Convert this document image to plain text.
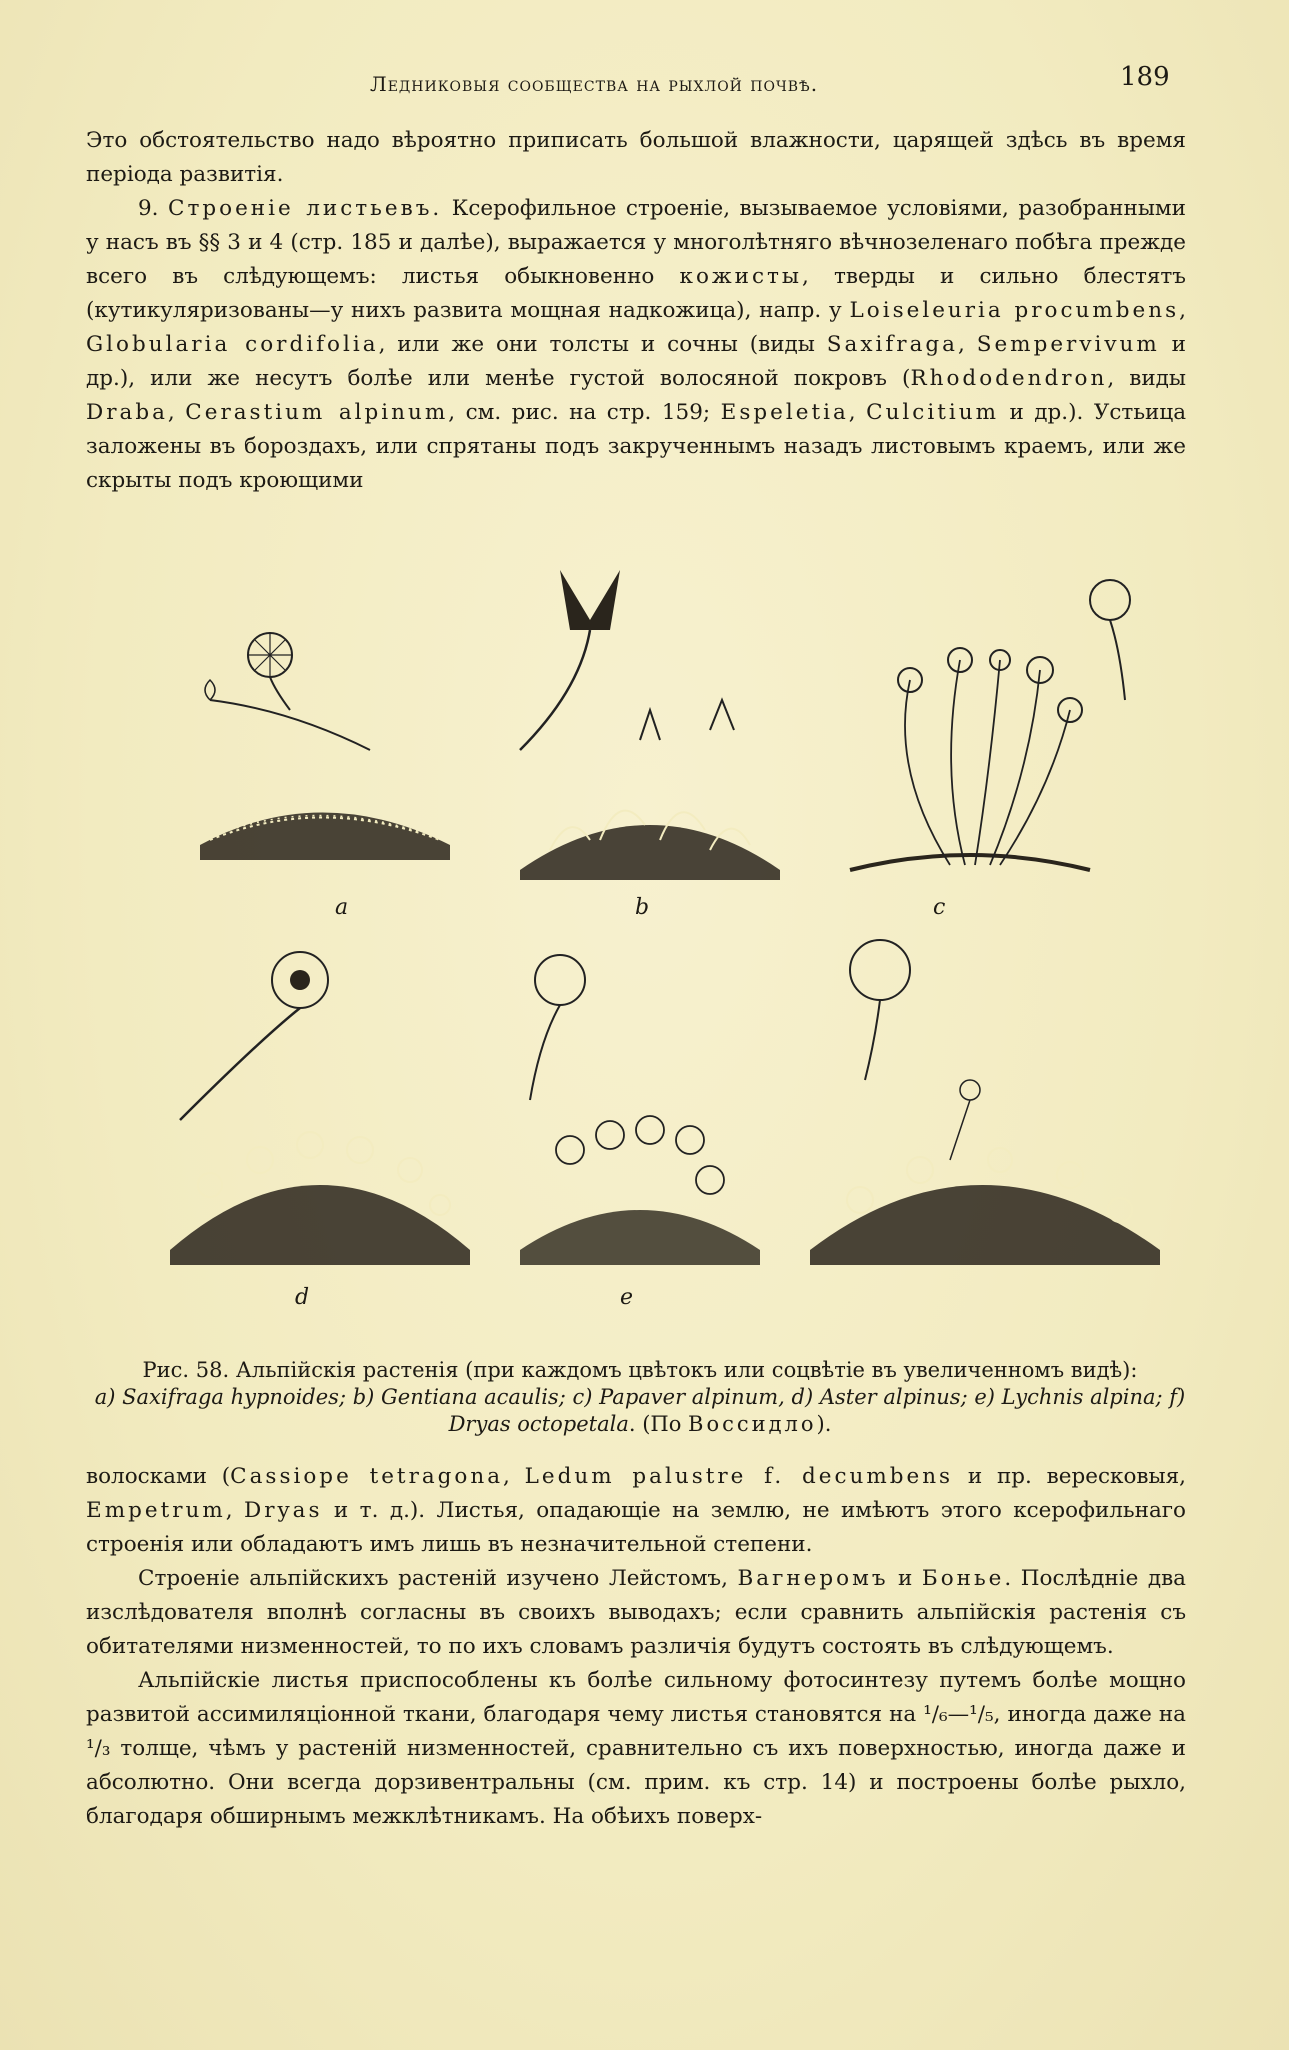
Ледниковыя сообщества на рыхлой почвѣ.	189

Это обстоятельство надо вѣроятно приписать большой влажности, царящей здѣсь въ время періода развитія.

9. Строеніе листьевъ. Ксерофильное строеніе, вызываемое условіями, разобранными у насъ въ §§ 3 и 4 (стр. 185 и далѣе), выражается у многолѣтняго вѣчнозеленаго побѣга прежде всего въ слѣдующемъ: листья обыкновенно кожисты, тверды и сильно блестятъ (кутикуляризованы—у нихъ развита мощная надкожица), напр. у Loiseleuria procumbens, Globularia cordifolia, или же они толсты и сочны (виды Saxifraga, Sempervivum и др.), или же несутъ болѣе или менѣе густой волосяной покровъ (Rhododendron, виды Draba, Cerastium alpinum, см. рис. на стр. 159; Espeletia, Culcitium и др.). Устьица заложены въ бороздахъ, или спрятаны подъ закрученнымъ назадъ листовымъ краемъ, или же скрыты подъ кроющими

a	b	c
d	e
Рис. 58. Альпійскія растенія (при каждомъ цвѣтокъ или соцвѣтіе въ увеличенномъ видѣ):
a) Saxifraga hypnoides; b) Gentiana acaulis; c) Papaver alpinum, d) Aster alpinus; e) Lychnis alpina; f) Dryas octopetala. (По Воссидло).

волосками (Cassiope tetragona, Ledum palustre f. decumbens и пр. вересковыя, Empetrum, Dryas и т. д.). Листья, опадающіе на землю, не имѣютъ этого ксерофильнаго строенія или обладаютъ имъ лишь въ незначительной степени.

Строеніе альпійскихъ растеній изучено Лейстомъ, Вагнеромъ и Бонье. Послѣдніе два изслѣдователя вполнѣ согласны въ своихъ выводахъ; если сравнить альпійскія растенія съ обитателями низменностей, то по ихъ словамъ различія будутъ состоять въ слѣдующемъ.

Альпійскіе листья приспособлены къ болѣе сильному фотосинтезу путемъ болѣе мощно развитой ассимиляціонной ткани, благодаря чему листья становятся на ¹/₆—¹/₅, иногда даже на ¹/₃ толще, чѣмъ у растеній низменностей, сравнительно съ ихъ поверхностью, иногда даже и абсолютно. Они всегда дорзивентральны (см. прим. къ стр. 14) и построены болѣе рыхло, благодаря обширнымъ межклѣтникамъ. На обѣихъ поверх-
